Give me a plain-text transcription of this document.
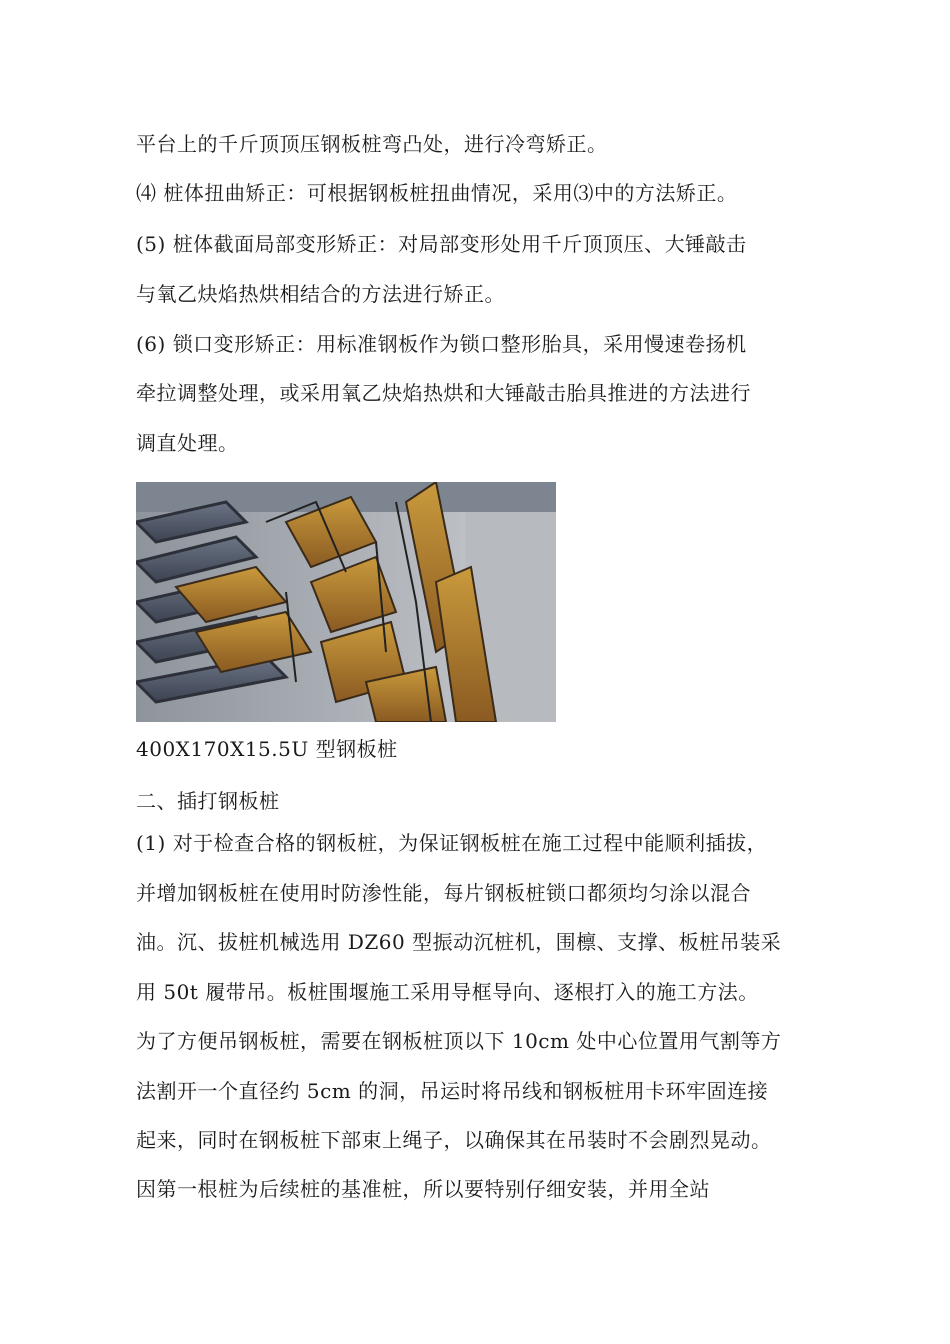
平台上的千斤顶顶压钢板桩弯凸处，进行冷弯矫正。
⑷ 桩体扭曲矫正：可根据钢板桩扭曲情况，采用⑶中的方法矫正。
(5) 桩体截面局部变形矫正：对局部变形处用千斤顶顶压、大锤敲击
与氧乙炔焰热烘相结合的方法进行矫正。
(6) 锁口变形矫正：用标准钢板作为锁口整形胎具，采用慢速卷扬机
牵拉调整处理，或采用氧乙炔焰热烘和大锤敲击胎具推进的方法进行
调直处理。
400X170X15.5U 型钢板桩
二、插打钢板桩
(1) 对于检查合格的钢板桩，为保证钢板桩在施工过程中能顺利插拔，
并增加钢板桩在使用时防渗性能，每片钢板桩锁口都须均匀涂以混合
油。沉、拔桩机械选用 DZ60 型振动沉桩机，围檩、支撑、板桩吊装采
用 50t 履带吊。板桩围堰施工采用导框导向、逐根打入的施工方法。
为了方便吊钢板桩，需要在钢板桩顶以下 10cm 处中心位置用气割等方
法割开一个直径约 5cm 的洞，吊运时将吊线和钢板桩用卡环牢固连接
起来，同时在钢板桩下部束上绳子，以确保其在吊装时不会剧烈晃动。
因第一根桩为后续桩的基准桩，所以要特别仔细安装，并用全站
